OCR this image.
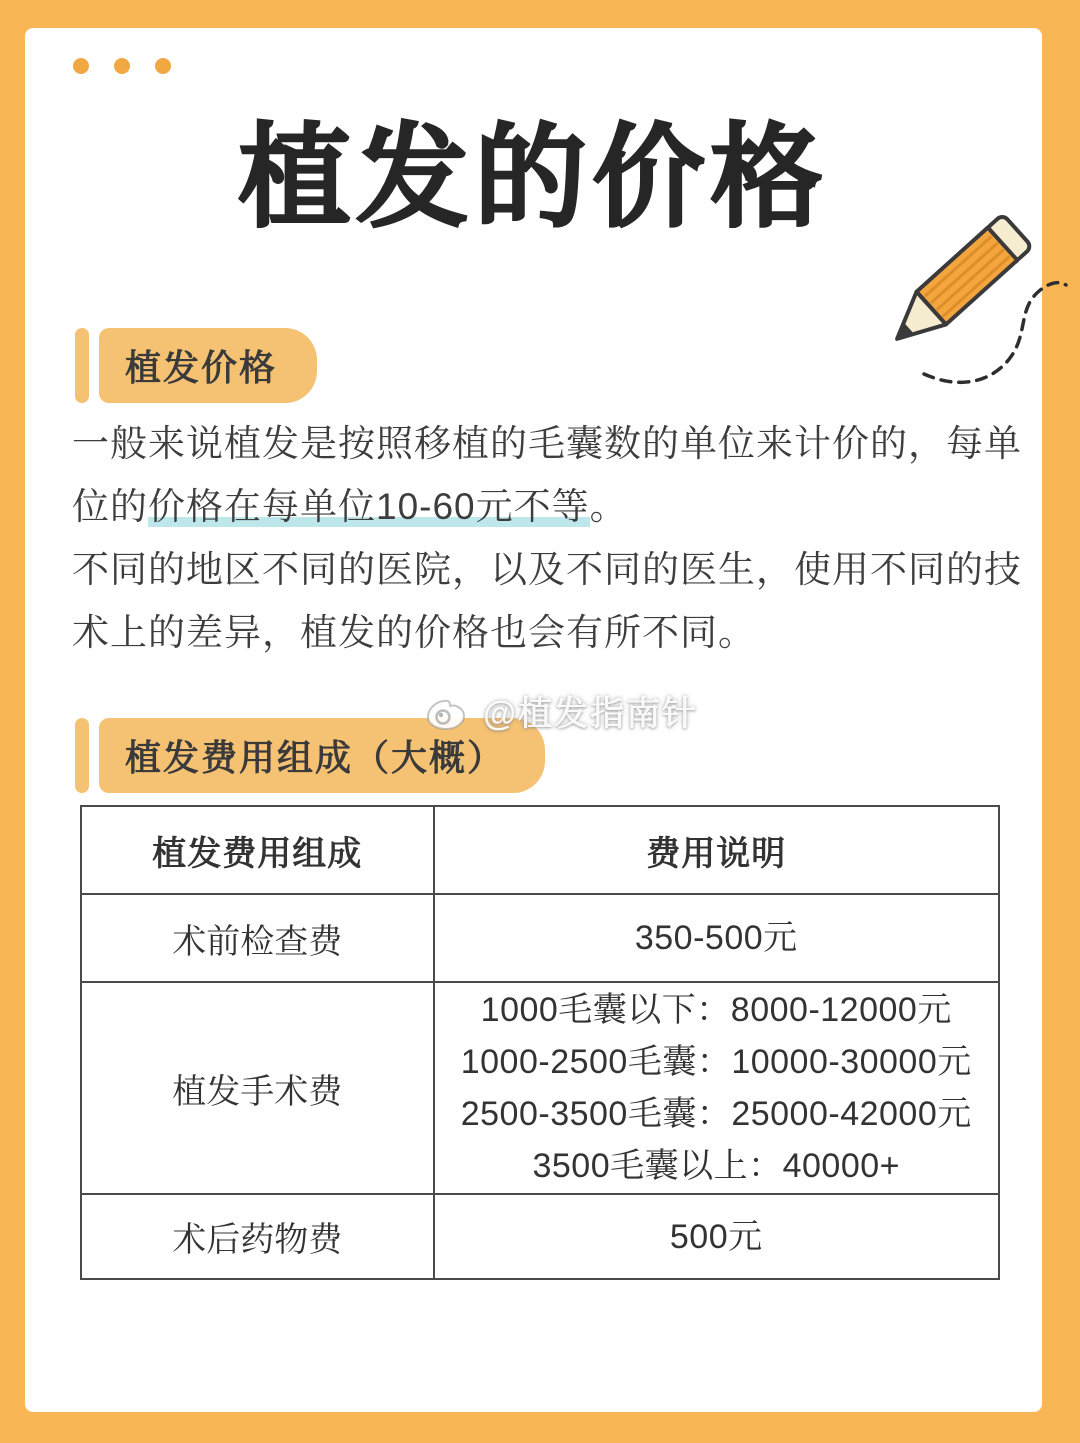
植发的价格
植发价格
一般来说植发是按照移植的毛囊数的单位来计价的，每单
位的价格在每单位10-60元不等。
不同的地区不同的医院，以及不同的医生，使用不同的技
术上的差异，植发的价格也会有所不同。
@植发指南针
植发费用组成（大概）
植发费用组成	费用说明
术前检查费	350-500元

植发手术费	1000毛囊以下：8000-12000元
1000-2500毛囊：10000-30000元
2500-3500毛囊：25000-42000元
3500毛囊以上：40000+

术后药物费	500元
